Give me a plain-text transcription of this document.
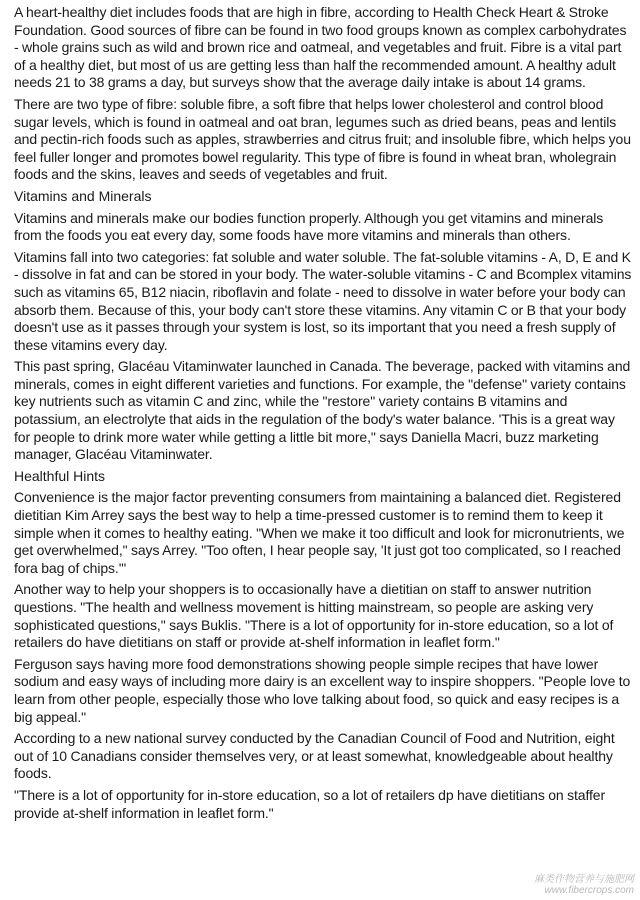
A heart-healthy diet includes foods that are high in fibre, according to Health Check Heart & Stroke Foundation. Good sources of fibre can be found in two food groups known as complex carbohydrates - whole grains such as wild and brown rice and oatmeal, and vegetables and fruit. Fibre is a vital part of a healthy diet, but most of us are getting less than half the recommended amount. A healthy adult needs 21 to 38 grams a day, but surveys show that the average daily intake is about 14 grams.

There are two type of fibre: soluble fibre, a soft fibre that helps lower cholesterol and control blood sugar levels, which is found in oatmeal and oat bran, legumes such as dried beans, peas and lentils and pectin-rich foods such as apples, strawberries and citrus fruit; and insoluble fibre, which helps you feel fuller longer and promotes bowel regularity. This type of fibre is found in wheat bran, wholegrain foods and the skins, leaves and seeds of vegetables and fruit.

Vitamins and Minerals

Vitamins and minerals make our bodies function properly. Although you get vitamins and minerals from the foods you eat every day, some foods have more vitamins and minerals than others.

Vitamins fall into two categories: fat soluble and water soluble. The fat-soluble vitamins - A, D, E and K - dissolve in fat and can be stored in your body. The water-soluble vitamins - C and Bcomplex vitamins such as vitamins 65, B12 niacin, riboflavin and folate - need to dissolve in water before your body can absorb them. Because of this, your body can't store these vitamins. Any vitamin C or B that your body doesn't use as it passes through your system is lost, so its important that you need a fresh supply of these vitamins every day.

This past spring, Glacéau Vitaminwater launched in Canada. The beverage, packed with vitamins and minerals, comes in eight different varieties and functions. For example, the "defense" variety contains key nutrients such as vitamin C and zinc, while the "restore" variety contains B vitamins and potassium, an electrolyte that aids in the regulation of the body's water balance. 'This is a great way for people to drink more water while getting a little bit more," says Daniella Macri, buzz marketing manager, Glacéau Vitaminwater.

Healthful Hints

Convenience is the major factor preventing consumers from maintaining a balanced diet. Registered dietitian Kim Arrey says the best way to help a time-pressed customer is to remind them to keep it simple when it comes to healthy eating. "When we make it too difficult and look for micronutrients, we get overwhelmed," says Arrey. "Too often, I hear people say, 'It just got too complicated, so I reached fora bag of chips.'"

Another way to help your shoppers is to occasionally have a dietitian on staff to answer nutrition questions. "The health and wellness movement is hitting mainstream, so people are asking very sophisticated questions," says Buklis. "There is a lot of opportunity for in-store education, so a lot of retailers do have dietitians on staff or provide at-shelf information in leaflet form."

Ferguson says having more food demonstrations showing people simple recipes that have lower sodium and easy ways of including more dairy is an excellent way to inspire shoppers. "People love to learn from other people, especially those who love talking about food, so quick and easy recipes is a big appeal."

According to a new national survey conducted by the Canadian Council of Food and Nutrition, eight out of 10 Canadians consider themselves very, or at least somewhat, knowledgeable about healthy foods.

"There is a lot of opportunity for in-store education, so a lot of retailers dp have dietitians on staffer provide at-shelf information in leaflet form."

麻类作物营养与施肥网
www.fibercrops.com
